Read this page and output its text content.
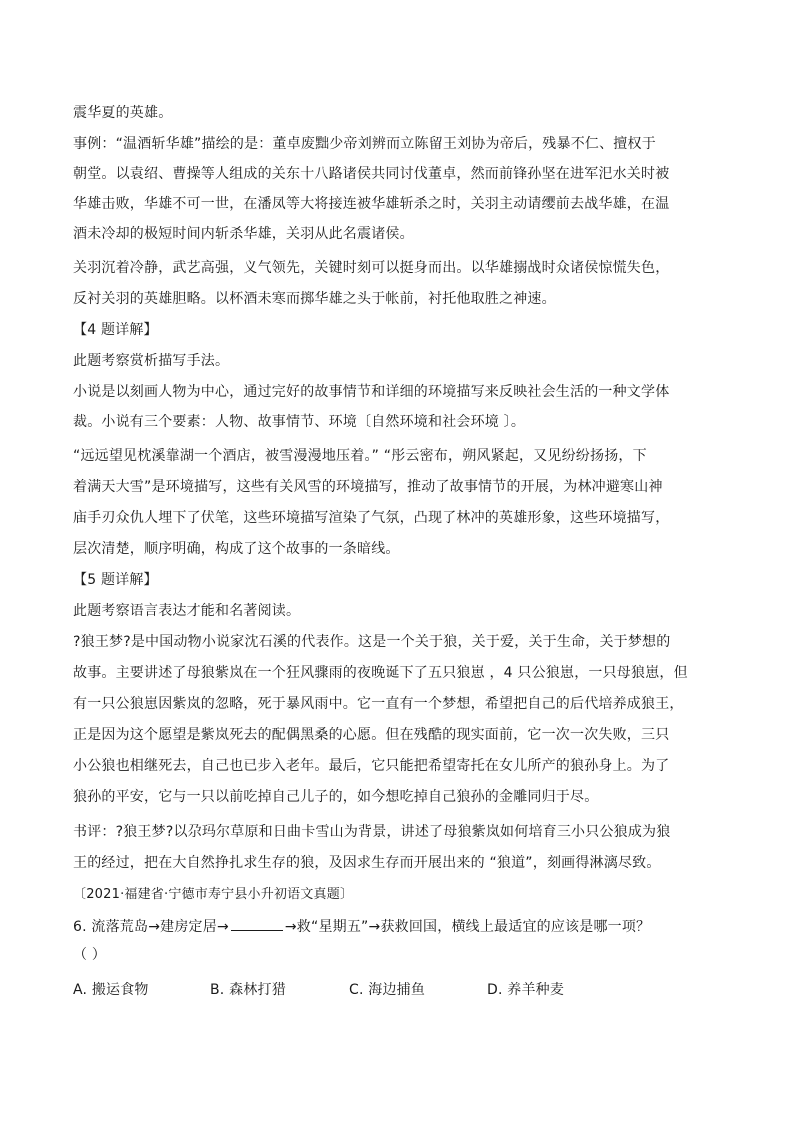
震华夏的英雄。
事例：“温酒斩华雄”描绘的是：董卓废黜少帝刘辨而立陈留王刘协为帝后，残暴不仁、擅权于
朝堂。以袁绍、曹操等人组成的关东十八路诸侯共同讨伐董卓，然而前锋孙坚在进军汜水关时被
华雄击败，华雄不可一世，在潘凤等大将接连被华雄斩杀之时，关羽主动请缨前去战华雄，在温
酒未冷却的极短时间内斩杀华雄，关羽从此名震诸侯。
关羽沉着冷静，武艺高强，义气领先，关键时刻可以挺身而出。以华雄搦战时众诸侯惊慌失色，
反衬关羽的英雄胆略。以杯酒未寒而掷华雄之头于帐前，衬托他取胜之神速。
【4 题详解】
此题考察赏析描写手法。
小说是以刻画人物为中心，通过完好的故事情节和详细的环境描写来反映社会生活的一种文学体
裁。小说有三个要素：人物、故事情节、环境〔自然环境和社会环境 〕。
“远远望见枕溪靠湖一个酒店，被雪漫漫地压着。” “彤云密布，朔风紧起，又见纷纷扬扬，下
着满天大雪”是环境描写，这些有关风雪的环境描写，推动了故事情节的开展，为林冲避寒山神
庙手刃众仇人埋下了伏笔，这些环境描写渲染了气氛，凸现了林冲的英雄形象，这些环境描写，
层次清楚，顺序明确，构成了这个故事的一条暗线。
【5 题详解】
此题考察语言表达才能和名著阅读。
?狼王梦?是中国动物小说家沈石溪的代表作。这是一个关于狼，关于爱，关于生命，关于梦想的
故事。主要讲述了母狼紫岚在一个狂风骤雨的夜晚诞下了五只狼崽 ，4 只公狼崽，一只母狼崽，但
有一只公狼崽因紫岚的忽略，死于暴风雨中。它一直有一个梦想，希望把自己的后代培养成狼王，
正是因为这个愿望是紫岚死去的配偶黑桑的心愿。但在残酷的现实面前，它一次一次失败，三只
小公狼也相继死去，自己也已步入老年。最后，它只能把希望寄托在女儿所产的狼孙身上。为了
狼孙的平安，它与一只以前吃掉自己儿子的，如今想吃掉自己狼孙的金雕同归于尽。
书评：?狼王梦?以尕玛尔草原和日曲卡雪山为背景，讲述了母狼紫岚如何培育三小只公狼成为狼
王的经过，把在大自然挣扎求生存的狼，及因求生存而开展出来的 “狼道”，刻画得淋漓尽致。
〔2021·福建省·宁德市寿宁县小升初语文真题〕
6. 流落荒岛→建房定居→	→救“星期五”→获救回国，横线上最适宜的应该是哪一项？
（ ）
A. 搬运食物	B. 森林打猎	C. 海边捕鱼	D. 养羊种麦
